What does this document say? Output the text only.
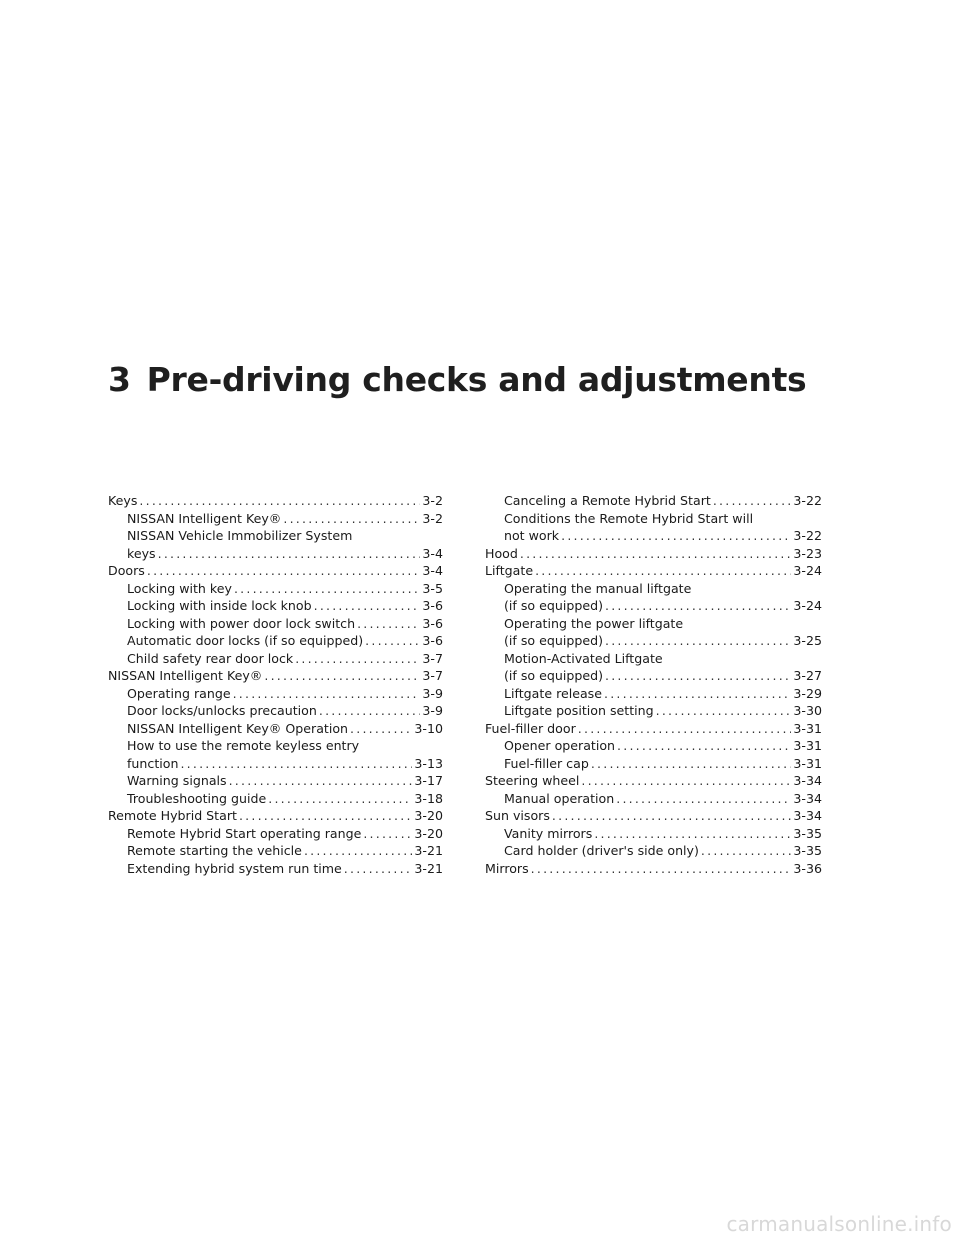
3 Pre-driving checks and adjustments
Keys .....	3-2
NISSAN Intelligent Key® .....	3-2
NISSAN Vehicle Immobilizer System
keys .....	3-4
Doors .....	3-4
Locking with key .....	3-5
Locking with inside lock knob .....	3-6
Locking with power door lock switch .....	3-6
Automatic door locks (if so equipped) .....	3-6
Child safety rear door lock .....	3-7
NISSAN Intelligent Key® .....	3-7
Operating range .....	3-9
Door locks/unlocks precaution .....	3-9
NISSAN Intelligent Key® Operation .....	3-10
How to use the remote keyless entry
function .....	3-13
Warning signals .....	3-17
Troubleshooting guide .....	3-18
Remote Hybrid Start .....	3-20
Remote Hybrid Start operating range .....	3-20
Remote starting the vehicle .....	3-21
Extending hybrid system run time .....	3-21
Canceling a Remote Hybrid Start .....	3-22
Conditions the Remote Hybrid Start will
not work .....	3-22
Hood .....	3-23
Liftgate .....	3-24
Operating the manual liftgate
(if so equipped) .....	3-24
Operating the power liftgate
(if so equipped) .....	3-25
Motion-Activated Liftgate
(if so equipped) .....	3-27
Liftgate release .....	3-29
Liftgate position setting .....	3-30
Fuel-filler door .....	3-31
Opener operation .....	3-31
Fuel-filler cap .....	3-31
Steering wheel .....	3-34
Manual operation .....	3-34
Sun visors .....	3-34
Vanity mirrors .....	3-35
Card holder (driver's side only) .....	3-35
Mirrors .....	3-36
carmanualsonline.info
